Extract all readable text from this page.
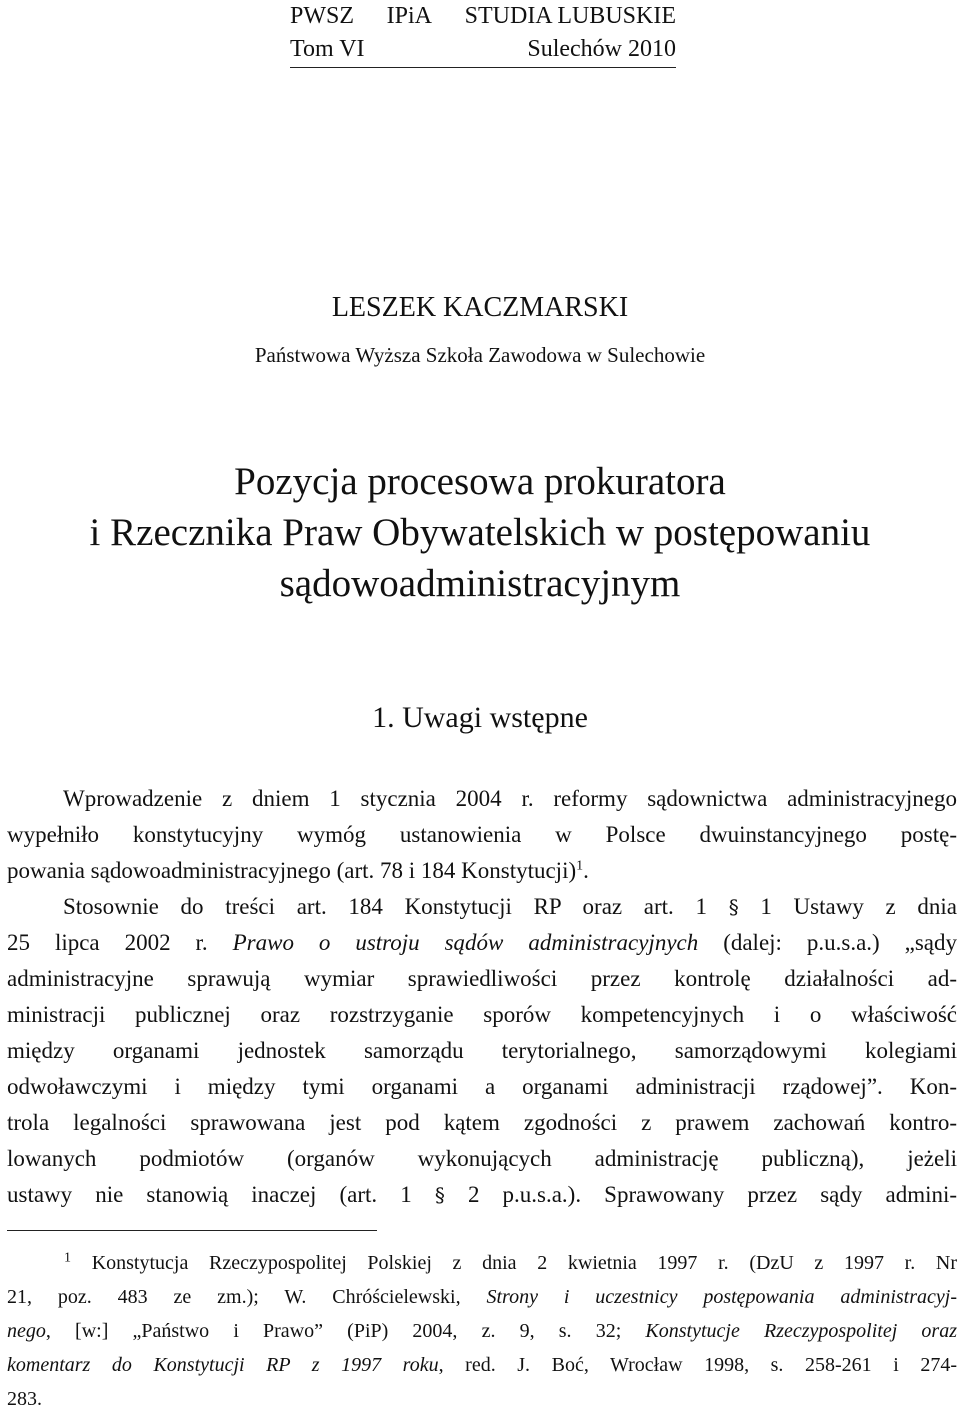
PWSZ IPiA STUDIA LUBUSKIE
Tom VI	Sulechów 2010
LESZEK KACZMARSKI
Państwowa Wyższa Szkoła Zawodowa w Sulechowie
Pozycja procesowa prokuratora
i Rzecznika Praw Obywatelskich w postępowaniu
sądowoadministracyjnym
1. Uwagi wstępne
Wprowadzenie z dniem 1 stycznia 2004 r. reformy sądownictwa administracyjnego
wypełniło konstytucyjny wymóg ustanowienia w Polsce dwuinstancyjnego postę-
powania sądowoadministracyjnego (art. 78 i 184 Konstytucji)$^1$.
Stosownie do treści art. 184 Konstytucji RP oraz art. 1 § 1 Ustawy z dnia
25 lipca 2002 r. Prawo o ustroju sądów administracyjnych (dalej: p.u.s.a.) „sądy
administracyjne sprawują wymiar sprawiedliwości przez kontrolę działalności ad-
ministracji publicznej oraz rozstrzyganie sporów kompetencyjnych i o właściwość
między organami jednostek samorządu terytorialnego, samorządowymi kolegiami
odwoławczymi i między tymi organami a organami administracji rządowej”. Kon-
trola legalności sprawowana jest pod kątem zgodności z prawem zachowań kontro-
lowanych podmiotów (organów wykonujących administrację publiczną), jeżeli
ustawy nie stanowią inaczej (art. 1 § 2 p.u.s.a.). Sprawowany przez sądy admini-
$^1$ Konstytucja Rzeczypospolitej Polskiej z dnia 2 kwietnia 1997 r. (DzU z 1997 r. Nr
21, poz. 483 ze zm.); W. Chróścielewski, Strony i uczestnicy postępowania administracyj-
nego, [w:] „Państwo i Prawo” (PiP) 2004, z. 9, s. 32; Konstytucje Rzeczypospolitej oraz
komentarz do Konstytucji RP z 1997 roku, red. J. Boć, Wrocław 1998, s. 258-261 i 274-
283.
